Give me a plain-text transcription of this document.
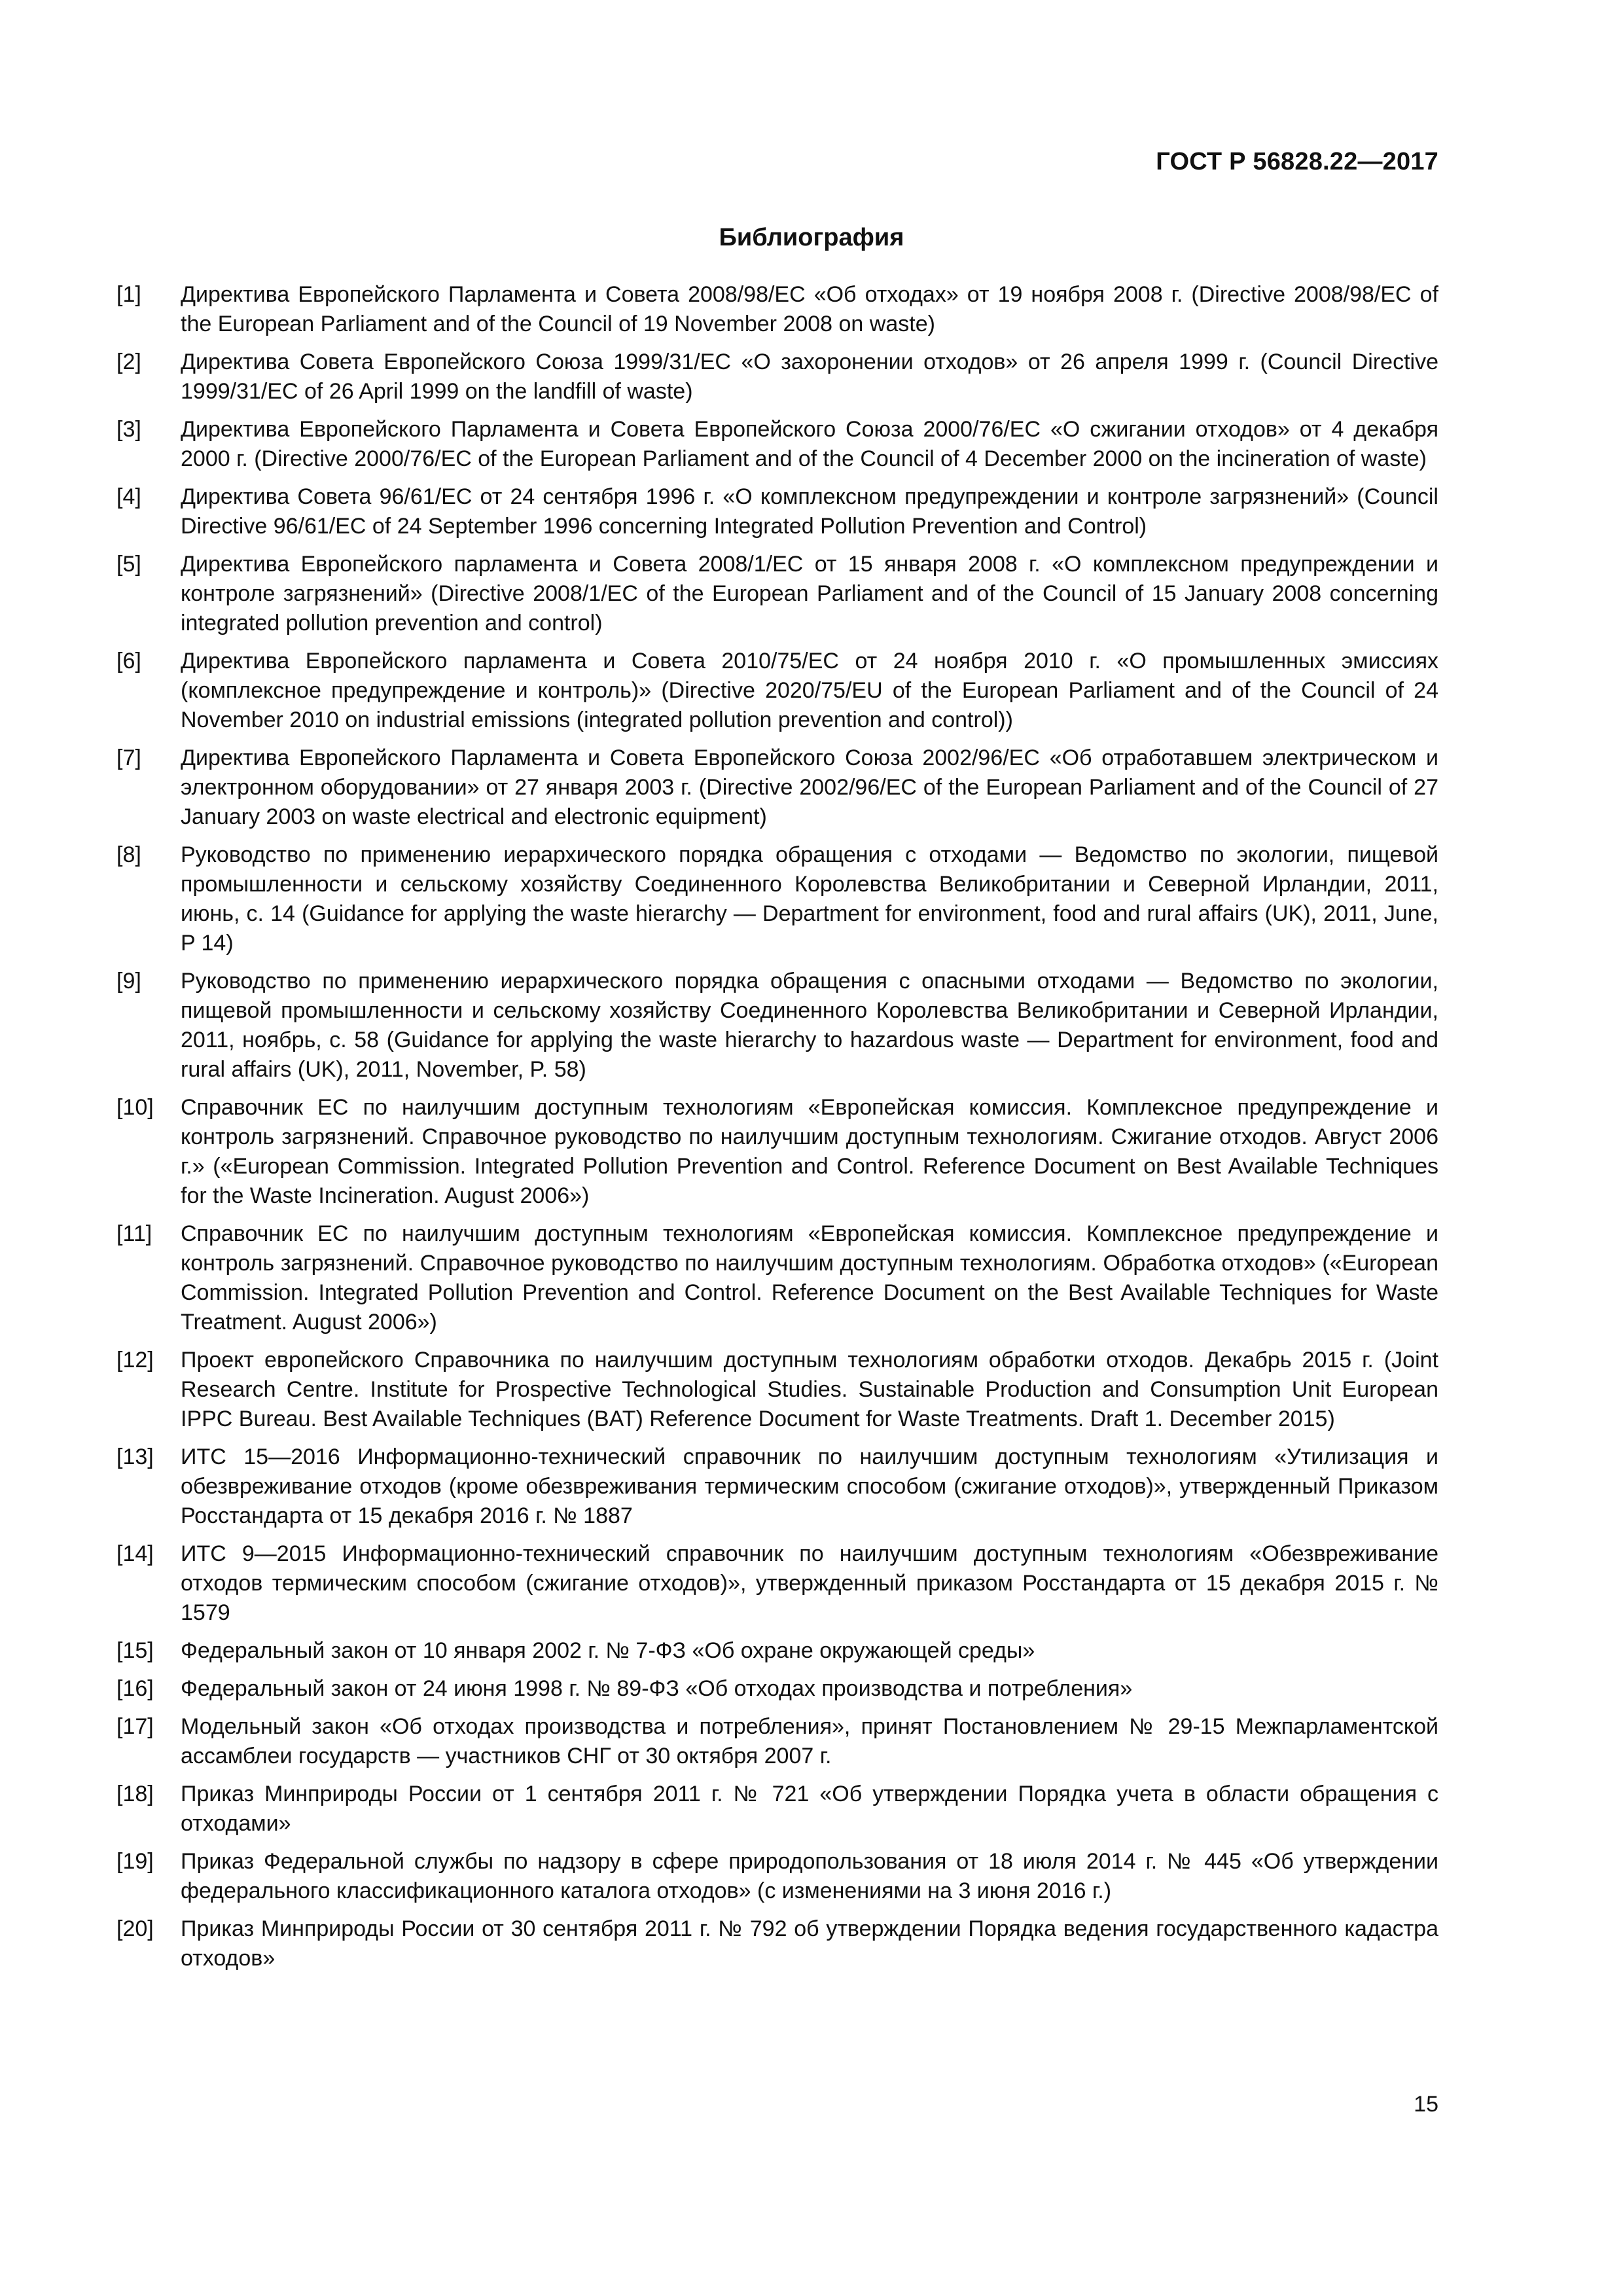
ГОСТ Р 56828.22—2017
Библиография
[1]	Директива Европейского Парламента и Совета 2008/98/ЕС «Об отходах» от 19 ноября 2008 г. (Directive 2008/98/EC of the European Parliament and of the Council of 19 November 2008 on waste)
[2]	Директива Совета Европейского Союза 1999/31/ЕС «О захоронении отходов» от 26 апреля 1999 г. (Council Directive 1999/31/EC of 26 April 1999 on the landfill of waste)
[3]	Директива Европейского Парламента и Совета Европейского Союза 2000/76/ЕС «О сжигании отходов» от 4 декабря 2000 г. (Directive 2000/76/EC of the European Parliament and of the Council of 4 December 2000 on the incineration of waste)
[4]	Директива Совета 96/61/ЕС от 24 сентября 1996 г. «О комплексном предупреждении и контроле загрязнений» (Council Directive 96/61/EC of 24 September 1996 concerning Integrated Pollution Prevention and Control)
[5]	Директива Европейского парламента и Совета 2008/1/ЕС от 15 января 2008 г. «О комплексном предупреждении и контроле загрязнений» (Directive 2008/1/EC of the European Parliament and of the Council of 15 January 2008 concerning integrated pollution prevention and control)
[6]	Директива Европейского парламента и Совета 2010/75/ЕС от 24 ноября 2010 г. «О промышленных эмиссиях (комплексное предупреждение и контроль)» (Directive 2020/75/EU of the European Parliament and of the Council of 24 November 2010 on industrial emissions (integrated pollution prevention and control))
[7]	Директива Европейского Парламента и Совета Европейского Союза 2002/96/ЕС «Об отработавшем электрическом и электронном оборудовании» от 27 января 2003 г. (Directive 2002/96/EC of the European Parliament and of the Council of 27 January 2003 on waste electrical and electronic equipment)
[8]	Руководство по применению иерархического порядка обращения с отходами — Ведомство по экологии, пищевой промышленности и сельскому хозяйству Соединенного Королевства Великобритании и Северной Ирландии, 2011, июнь, с. 14 (Guidance for applying the waste hierarchy — Department for environment, food and rural affairs (UK), 2011, June, P 14)
[9]	Руководство по применению иерархического порядка обращения с опасными отходами — Ведомство по экологии, пищевой промышленности и сельскому хозяйству Соединенного Королевства Великобритании и Северной Ирландии, 2011, ноябрь, с. 58 (Guidance for applying the waste hierarchy to hazardous waste — Department for environment, food and rural affairs (UK), 2011, November, P. 58)
[10]	Справочник ЕС по наилучшим доступным технологиям «Европейская комиссия. Комплексное предупреждение и контроль загрязнений. Справочное руководство по наилучшим доступным технологиям. Сжигание отходов. Август 2006 г.» («European Commission. Integrated Pollution Prevention and Control. Reference Document on Best Available Techniques for the Waste Incineration. August 2006»)
[11]	Справочник ЕС по наилучшим доступным технологиям «Европейская комиссия. Комплексное предупреждение и контроль загрязнений. Справочное руководство по наилучшим доступным технологиям. Обработка отходов» («European Commission. Integrated Pollution Prevention and Control. Reference Document on the Best Available Techniques for Waste Treatment. August 2006»)
[12]	Проект европейского Справочника по наилучшим доступным технологиям обработки отходов. Декабрь 2015 г. (Joint Research Centre. Institute for Prospective Technological Studies. Sustainable Production and Consumption Unit European IPPC Bureau. Best Available Techniques (BAT) Reference Document for Waste Treatments. Draft 1. December 2015)
[13]	ИТС 15—2016 Информационно-технический справочник по наилучшим доступным технологиям «Утилизация и обезвреживание отходов (кроме обезвреживания термическим способом (сжигание отходов)», утвержденный Приказом Росстандарта от 15 декабря 2016 г. № 1887
[14]	ИТС 9—2015 Информационно-технический справочник по наилучшим доступным технологиям «Обезвреживание отходов термическим способом (сжигание отходов)», утвержденный приказом Росстандарта от 15 декабря 2015 г. № 1579
[15]	Федеральный закон от 10 января 2002 г. № 7-ФЗ «Об охране окружающей среды»
[16]	Федеральный закон от 24 июня 1998 г. № 89-ФЗ «Об отходах производства и потребления»
[17]	Модельный закон «Об отходах производства и потребления», принят Постановлением № 29-15 Межпарламентской ассамблеи государств — участников СНГ от 30 октября 2007 г.
[18]	Приказ Минприроды России от 1 сентября 2011 г. № 721 «Об утверждении Порядка учета в области обращения с отходами»
[19]	Приказ Федеральной службы по надзору в сфере природопользования от 18 июля 2014 г. № 445 «Об утверждении федерального классификационного каталога отходов» (с изменениями на 3 июня 2016 г.)
[20]	Приказ Минприроды России от 30 сентября 2011 г. № 792 об утверждении Порядка ведения государственного кадастра отходов»
15
